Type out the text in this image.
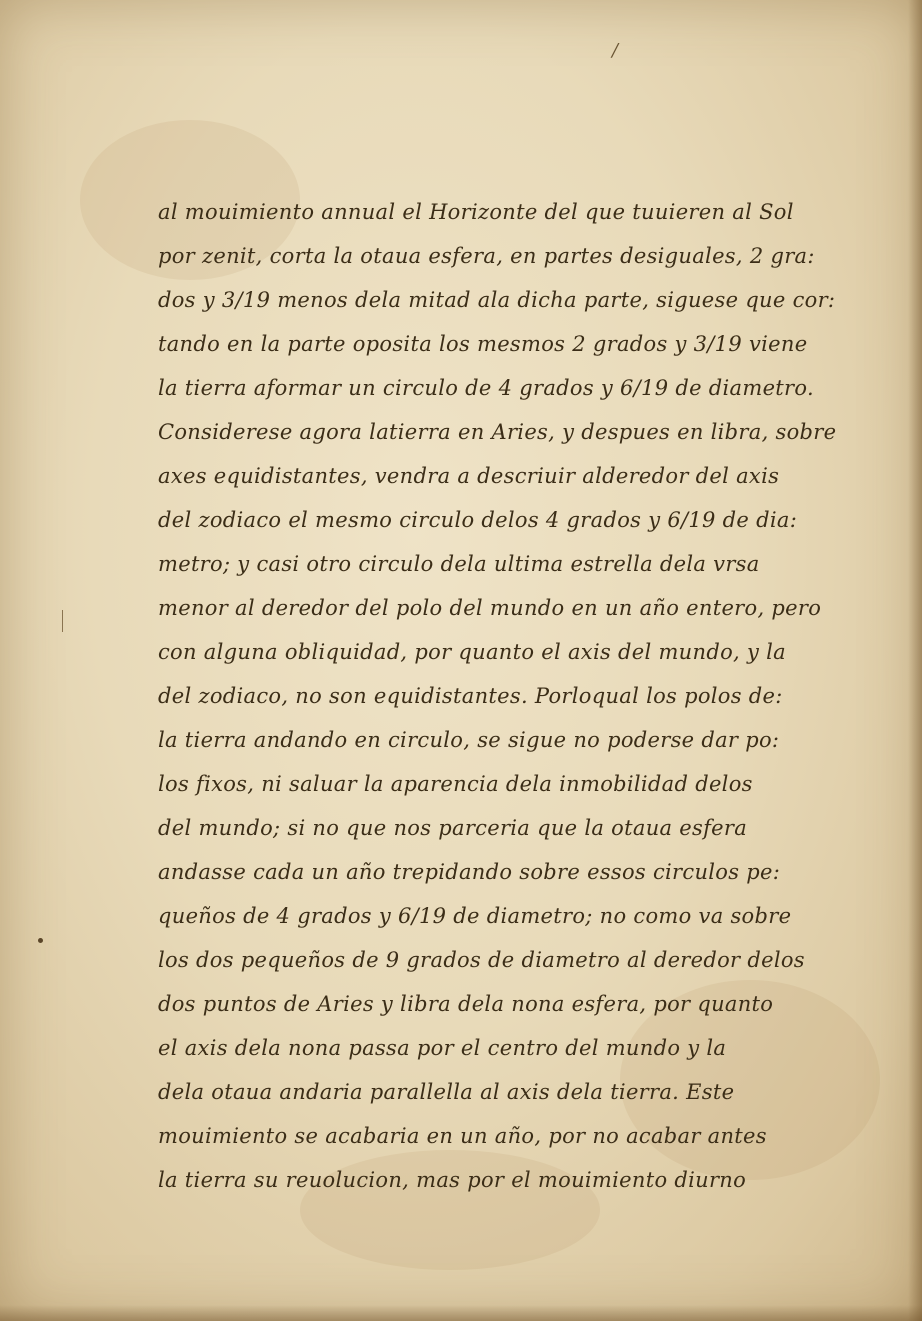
/
al mouimiento annual el Horizonte del que tuuieren al Sol
por zenit, corta la otaua esfera, en partes desiguales, 2 gra:
dos y 3/19 menos dela mitad ala dicha parte, siguese que cor:
tando en la parte oposita los mesmos 2 grados y 3/19 viene
la tierra aformar un circulo de 4 grados y 6/19 de diametro.
Considerese agora latierra en Aries, y despues en libra, sobre
axes equidistantes, vendra a descriuir alderedor del axis
del zodiaco el mesmo circulo delos 4 grados y 6/19 de dia:
metro; y casi otro circulo dela ultima estrella dela vrsa
menor al deredor del polo del mundo en un año entero, pero
con alguna obliquidad, por quanto el axis del mundo, y la
del zodiaco, no son equidistantes. Porloqual los polos de:
la tierra andando en circulo, se sigue no poderse dar po:
los fixos, ni saluar la aparencia dela inmobilidad delos
del mundo; si no que nos parceria que la otaua esfera
andasse cada un año trepidando sobre essos circulos pe:
queños de 4 grados y 6/19 de diametro; no como va sobre
los dos pequeños de 9 grados de diametro al deredor delos
dos puntos de Aries y libra dela nona esfera, por quanto
el axis dela nona passa por el centro del mundo y la
dela otaua andaria parallella al axis dela tierra. Este
mouimiento se acabaria en un año, por no acabar antes
la tierra su reuolucion, mas por el mouimiento diurno
